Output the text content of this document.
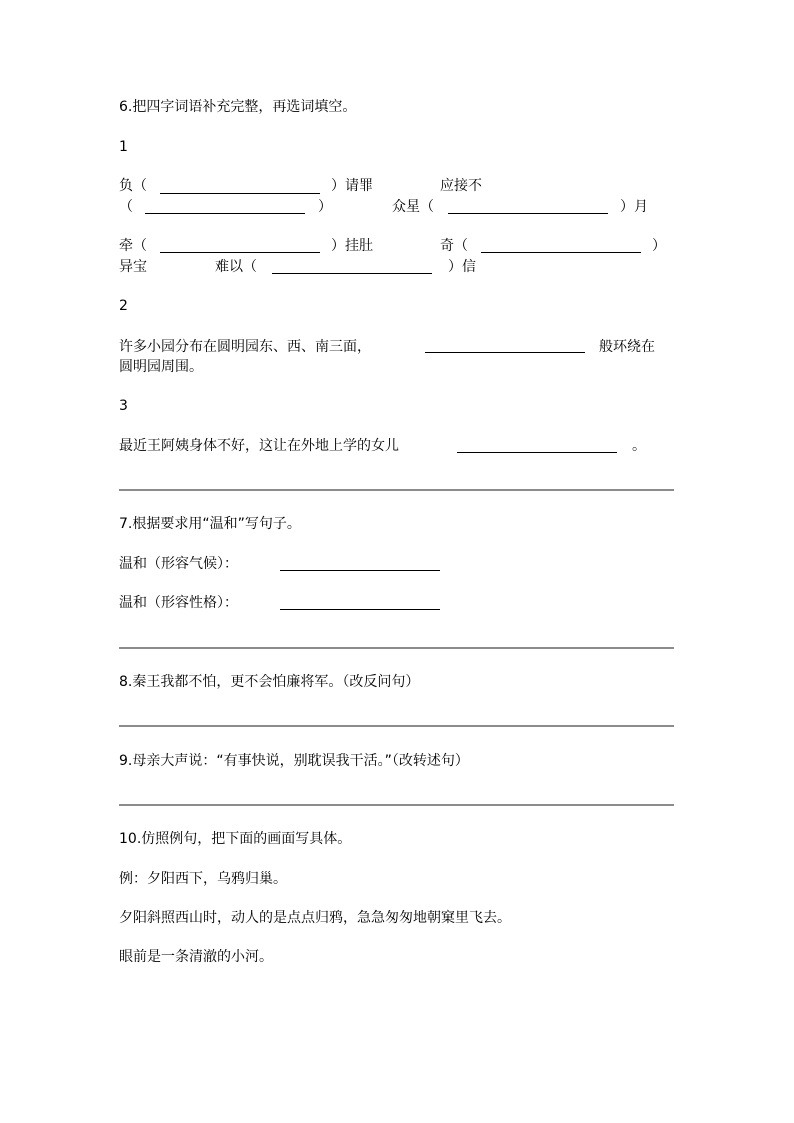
6.把四字词语补充完整，再选词填空。
1
负（	）请罪	应接不
（	）	众星（	）月
牵（	）挂肚	奇（	）
异宝	难以（	）信
2
许多小园分布在圆明园东、西、南三面，	般环绕在
圆明园周围。
3
最近王阿姨身体不好，这让在外地上学的女儿	。
7.根据要求用“温和”写句子。
温和（形容气候）：
温和（形容性格）：
8.秦王我都不怕，更不会怕廉将军。（改反问句）
9.母亲大声说：“有事快说，别耽误我干活。”（改转述句）
10.仿照例句，把下面的画面写具体。
例：夕阳西下，乌鸦归巢。
夕阳斜照西山时，动人的是点点归鸦，急急匆匆地朝窠里飞去。
眼前是一条清澈的小河。
